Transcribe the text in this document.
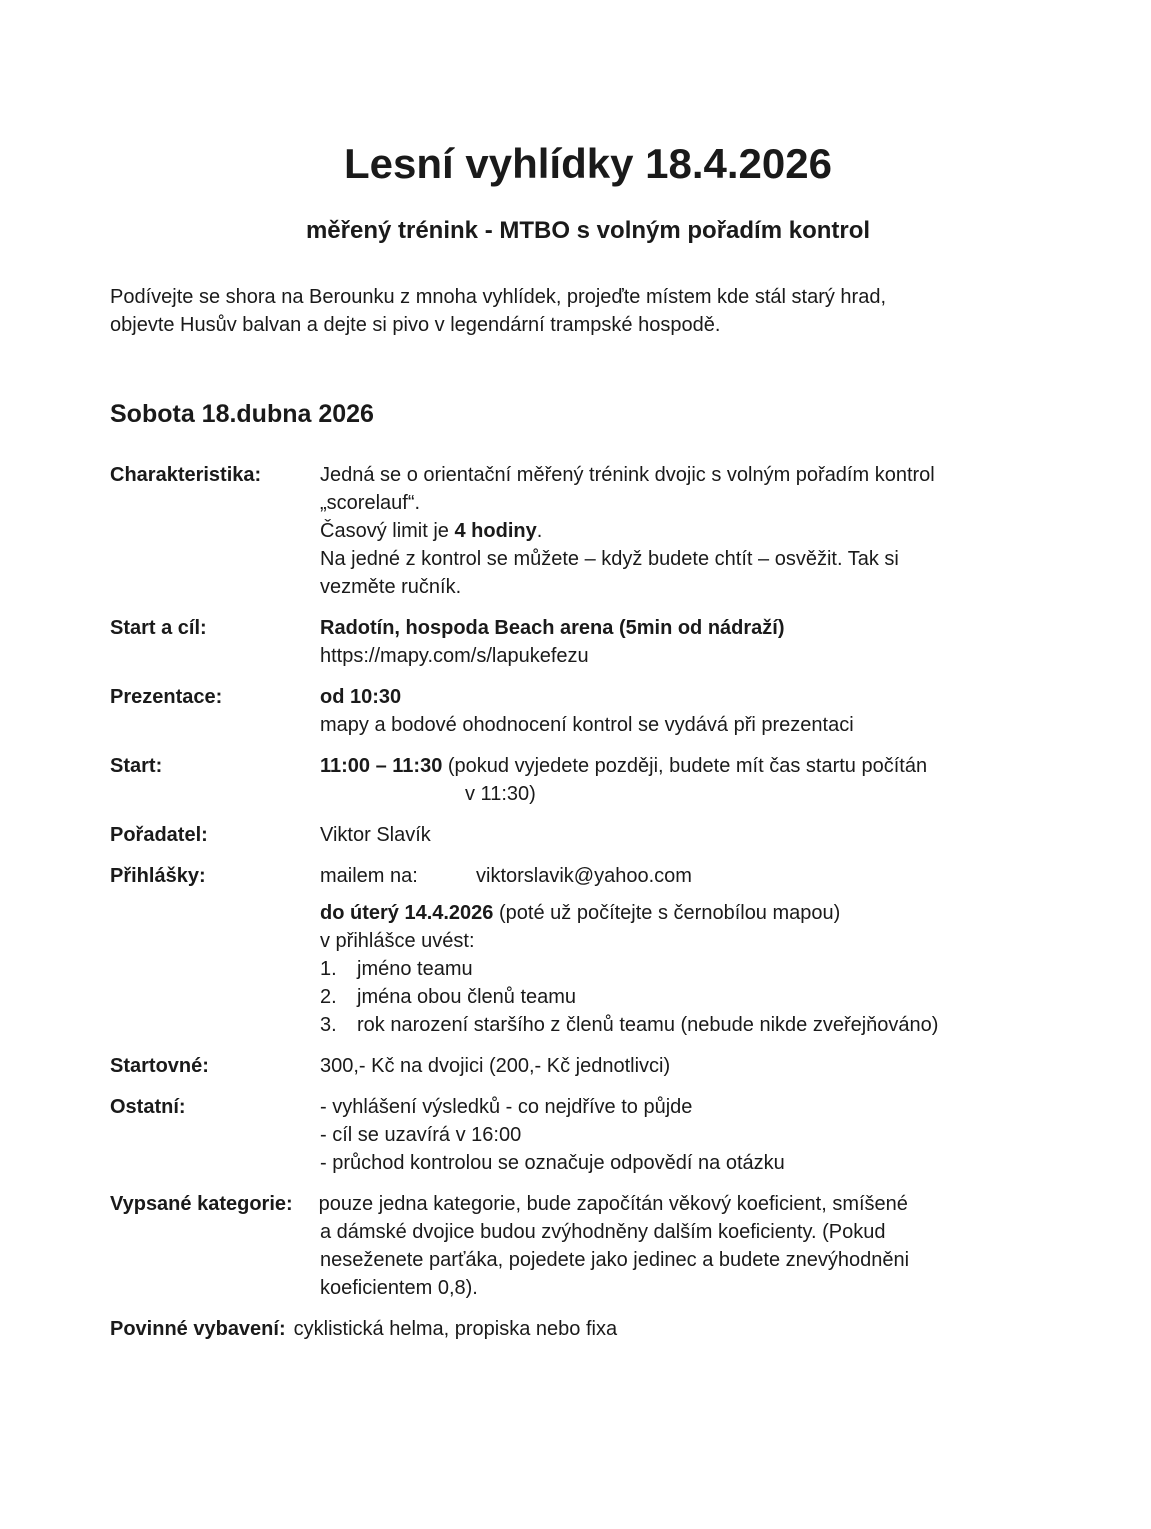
Lesní vyhlídky 18.4.2026
měřený trénink - MTBO s volným pořadím kontrol

Podívejte se shora na Berounku z mnoha vyhlídek, projeďte místem kde stál starý hrad,
objevte Husův balvan a dejte si pivo v legendární trampské hospodě.

Sobota 18.dubna 2026
Charakteristika:	Jedná se o orientační měřený trénink dvojic s volným pořadím kontrol
„scorelauf“.
Časový limit je 4 hodiny.
Na jedné z kontrol se můžete – když budete chtít – osvěžit. Tak si
vezměte ručník.
Start a cíl:	Radotín, hospoda Beach arena (5min od nádraží)
https://mapy.com/s/lapukefezu
Prezentace:	od 10:30
mapy a bodové ohodnocení kontrol se vydává při prezentaci
Start:	11:00 – 11:30 (pokud vyjedete později, budete mít čas startu počítán
v 11:30)
Pořadatel:	Viktor Slavík
Přihlášky:	mailem na:	viktorslavik@yahoo.com
do úterý 14.4.2026 (poté už počítejte s černobílou mapou)
v přihlášce uvést:
1. jméno teamu
2. jména obou členů teamu
3. rok narození staršího z členů teamu (nebude nikde zveřejňováno)
Startovné:	300,- Kč na dvojici (200,- Kč jednotlivci)
Ostatní:	- vyhlášení výsledků - co nejdříve to půjde
- cíl se uzavírá v 16:00
- průchod kontrolou se označuje odpovědí na otázku
Vypsané kategorie: pouze jedna kategorie, bude započítán věkový koeficient, smíšené
a dámské dvojice budou zvýhodněny dalším koeficienty. (Pokud
neseženete parťáka, pojedete jako jedinec a budete znevýhodněni
koeficientem 0,8).
Povinné vybavení: cyklistická helma, propiska nebo fixa
